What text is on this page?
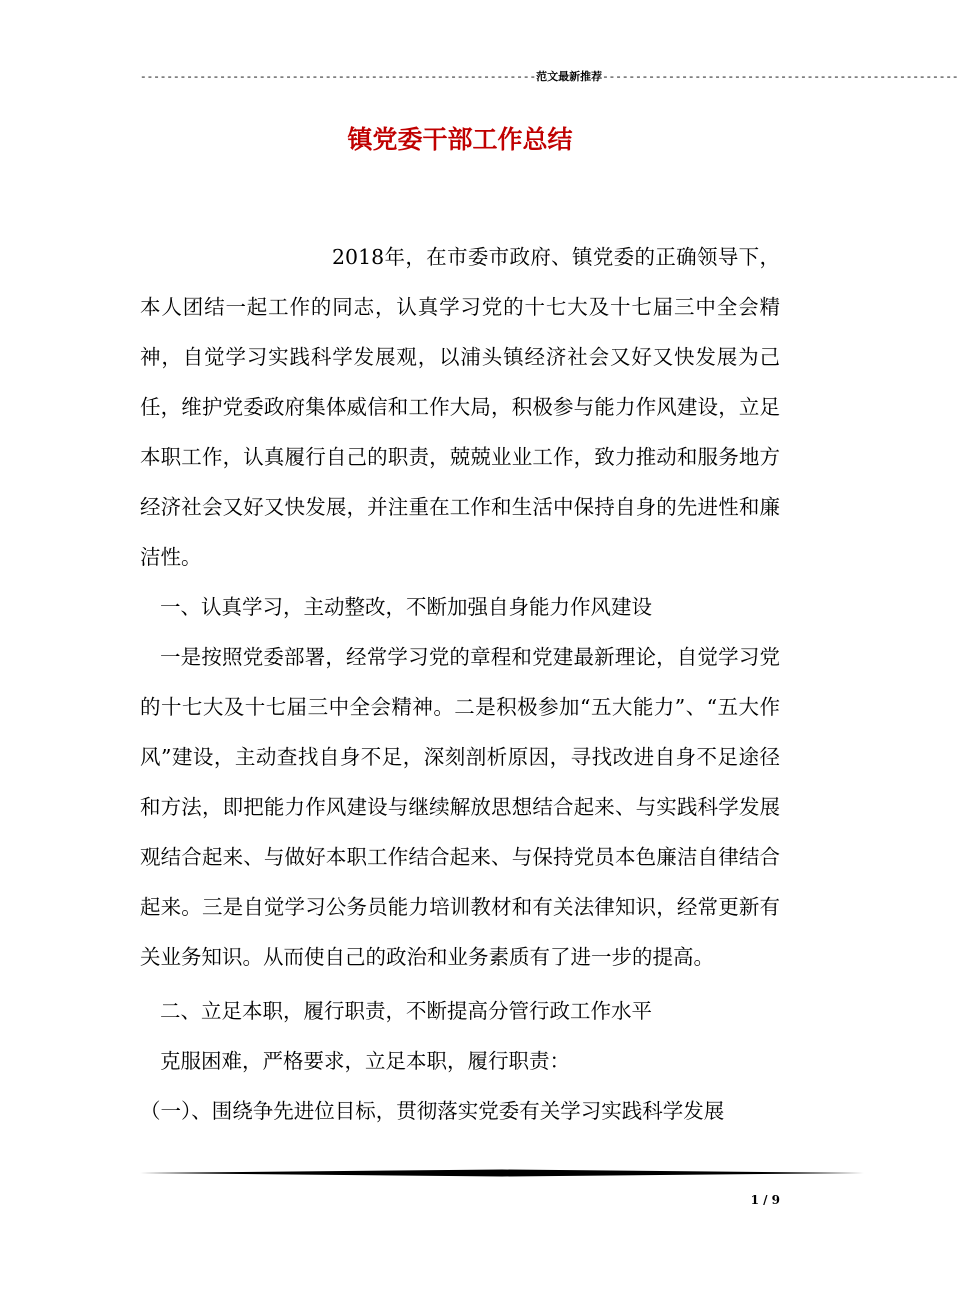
------------------------------------------------------------范文最新推荐------------------------------------------------------
镇党委干部工作总结

2018年，在市委市政府、镇党委的正确领导下，本人团结一起工作的同志，认真学习党的十七大及十七届三中全会精神，自觉学习实践科学发展观，以浦头镇经济社会又好又快发展为己任，维护党委政府集体威信和工作大局，积极参与能力作风建设，立足本职工作，认真履行自己的职责，兢兢业业工作，致力推动和服务地方经济社会又好又快发展，并注重在工作和生活中保持自身的先进性和廉洁性。

一、认真学习，主动整改，不断加强自身能力作风建设

一是按照党委部署，经常学习党的章程和党建最新理论，自觉学习党的十七大及十七届三中全会精神。二是积极参加“五大能力”、“五大作风”建设，主动查找自身不足，深刻剖析原因，寻找改进自身不足途径和方法，即把能力作风建设与继续解放思想结合起来、与实践科学发展观结合起来、与做好本职工作结合起来、与保持党员本色廉洁自律结合起来。三是自觉学习公务员能力培训教材和有关法律知识，经常更新有关业务知识。从而使自己的政治和业务素质有了进一步的提高。

二、立足本职，履行职责，不断提高分管行政工作水平

克服困难，严格要求，立足本职，履行职责：

（一）、围绕争先进位目标，贯彻落实党委有关学习实践科学发展

1 / 9
